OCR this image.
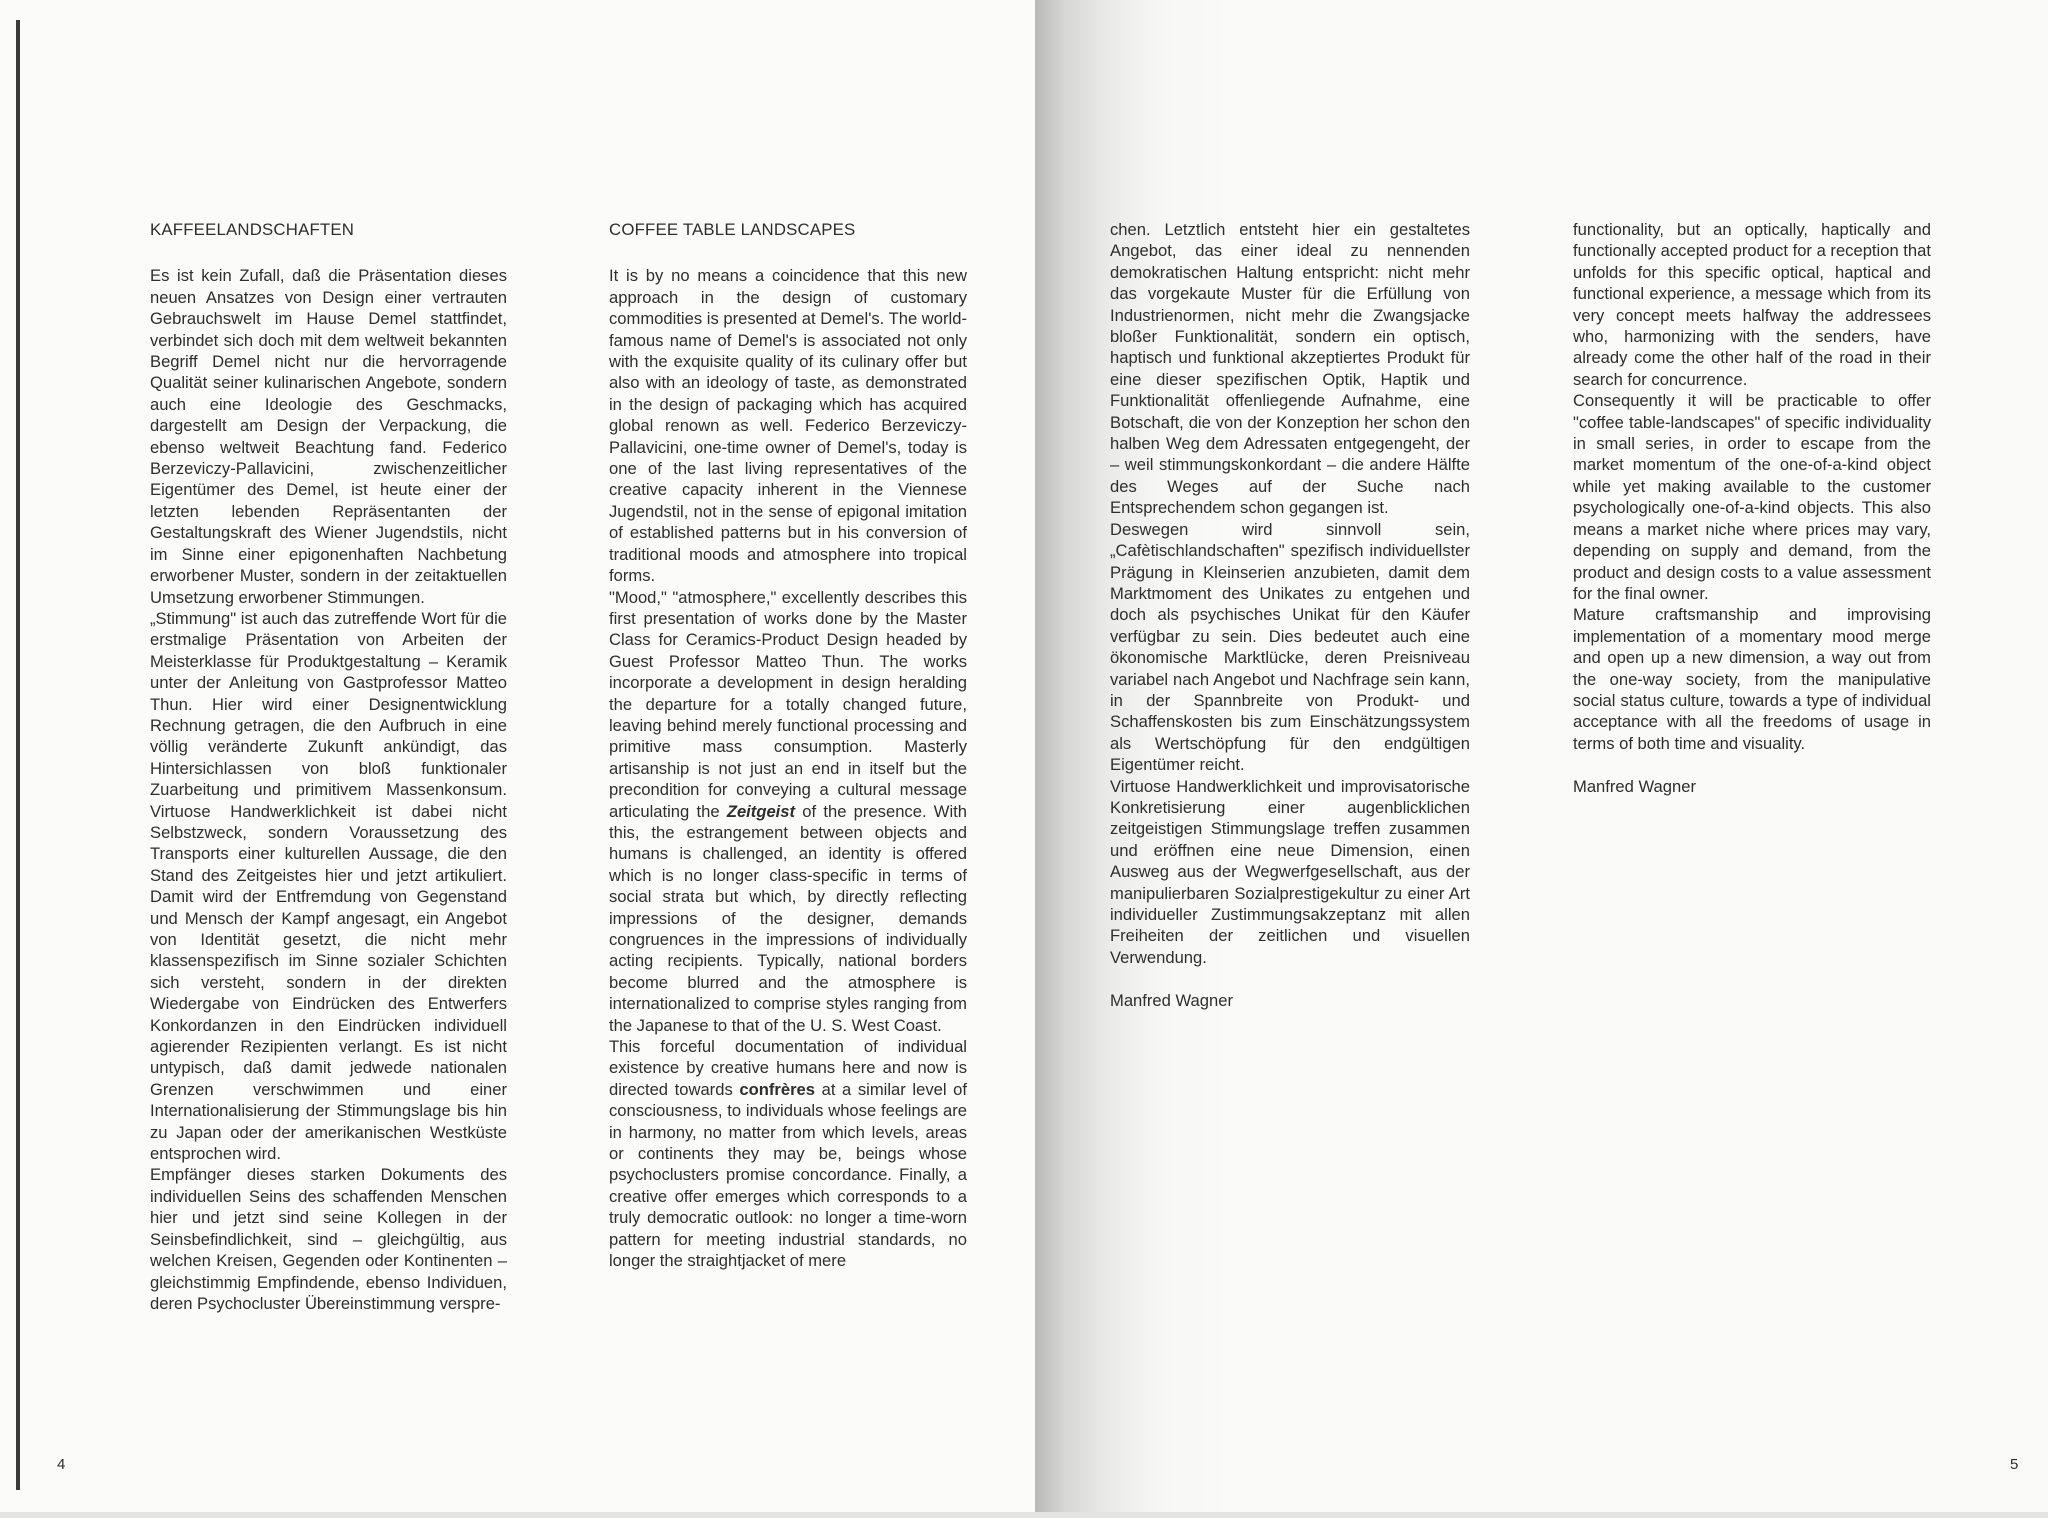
KAFFEELANDSCHAFTEN

Es ist kein Zufall, daß die Präsentation dieses neuen Ansatzes von Design einer vertrauten Gebrauchswelt im Hause Demel stattfindet, verbindet sich doch mit dem weltweit bekannten Begriff Demel nicht nur die hervorragende Qualität seiner kulinarischen Angebote, sondern auch eine Ideologie des Geschmacks, dargestellt am Design der Verpackung, die ebenso weltweit Beachtung fand. Federico Berzeviczy-Pallavicini, zwischenzeitlicher Eigentümer des Demel, ist heute einer der letzten lebenden Repräsentanten der Gestaltungskraft des Wiener Jugendstils, nicht im Sinne einer epigonenhaften Nachbetung erworbener Muster, sondern in der zeitaktuellen Umsetzung erworbener Stimmungen.

„Stimmung" ist auch das zutreffende Wort für die erstmalige Präsentation von Arbeiten der Meisterklasse für Produktgestaltung – Keramik unter der Anleitung von Gastprofessor Matteo Thun. Hier wird einer Designentwicklung Rechnung getragen, die den Aufbruch in eine völlig veränderte Zukunft ankündigt, das Hintersichlassen von bloß funktionaler Zuarbeitung und primitivem Massenkonsum. Virtuose Handwerklichkeit ist dabei nicht Selbstzweck, sondern Voraussetzung des Transports einer kulturellen Aussage, die den Stand des Zeitgeistes hier und jetzt artikuliert. Damit wird der Entfremdung von Gegenstand und Mensch der Kampf angesagt, ein Angebot von Identität gesetzt, die nicht mehr klassenspezifisch im Sinne sozialer Schichten sich versteht, sondern in der direkten Wiedergabe von Eindrücken des Entwerfers Konkordanzen in den Eindrücken individuell agierender Rezipienten verlangt. Es ist nicht untypisch, daß damit jedwede nationalen Grenzen verschwimmen und einer Internationalisierung der Stimmungslage bis hin zu Japan oder der amerikanischen Westküste entsprochen wird.

Empfänger dieses starken Dokuments des individuellen Seins des schaffenden Menschen hier und jetzt sind seine Kollegen in der Seinsbefindlichkeit, sind – gleichgültig, aus welchen Kreisen, Gegenden oder Kontinenten – gleichstimmig Empfindende, ebenso Individuen, deren Psychocluster Übereinstimmung verspre-

COFFEE TABLE LANDSCAPES

It is by no means a coincidence that this new approach in the design of customary commodities is presented at Demel's. The world-famous name of Demel's is associated not only with the exquisite quality of its culinary offer but also with an ideology of taste, as demonstrated in the design of packaging which has acquired global renown as well. Federico Berzeviczy-Pallavicini, one-time owner of Demel's, today is one of the last living representatives of the creative capacity inherent in the Viennese Jugendstil, not in the sense of epigonal imitation of established patterns but in his conversion of traditional moods and atmosphere into tropical forms.

"Mood," "atmosphere," excellently describes this first presentation of works done by the Master Class for Ceramics-Product Design headed by Guest Professor Matteo Thun. The works incorporate a development in design heralding the departure for a totally changed future, leaving behind merely functional processing and primitive mass consumption. Masterly artisanship is not just an end in itself but the precondition for conveying a cultural message articulating the Zeitgeist of the presence. With this, the estrangement between objects and humans is challenged, an identity is offered which is no longer class-specific in terms of social strata but which, by directly reflecting impressions of the designer, demands congruences in the impressions of individually acting recipients. Typically, national borders become blurred and the atmosphere is internationalized to comprise styles ranging from the Japanese to that of the U. S. West Coast.

This forceful documentation of individual existence by creative humans here and now is directed towards confrères at a similar level of consciousness, to individuals whose feelings are in harmony, no matter from which levels, areas or continents they may be, beings whose psychoclusters promise concordance. Finally, a creative offer emerges which corresponds to a truly democratic outlook: no longer a time-worn pattern for meeting industrial standards, no longer the straightjacket of mere

4

chen. Letztlich entsteht hier ein gestaltetes Angebot, das einer ideal zu nennenden demokratischen Haltung entspricht: nicht mehr das vorgekaute Muster für die Erfüllung von Industrienormen, nicht mehr die Zwangsjacke bloßer Funktionalität, sondern ein optisch, haptisch und funktional akzeptiertes Produkt für eine dieser spezifischen Optik, Haptik und Funktionalität offenliegende Aufnahme, eine Botschaft, die von der Konzeption her schon den halben Weg dem Adressaten entgegengeht, der – weil stimmungskonkordant – die andere Hälfte des Weges auf der Suche nach Entsprechendem schon gegangen ist.

Deswegen wird sinnvoll sein, „Cafètischlandschaften" spezifisch individuellster Prägung in Kleinserien anzubieten, damit dem Marktmoment des Unikates zu entgehen und doch als psychisches Unikat für den Käufer verfügbar zu sein. Dies bedeutet auch eine ökonomische Marktlücke, deren Preisniveau variabel nach Angebot und Nachfrage sein kann, in der Spannbreite von Produkt- und Schaffenskosten bis zum Einschätzungssystem als Wertschöpfung für den endgültigen Eigentümer reicht.

Virtuose Handwerklichkeit und improvisatorische Konkretisierung einer augenblicklichen zeitgeistigen Stimmungslage treffen zusammen und eröffnen eine neue Dimension, einen Ausweg aus der Wegwerfgesellschaft, aus der manipulierbaren Sozialprestigekultur zu einer Art individueller Zustimmungsakzeptanz mit allen Freiheiten der zeitlichen und visuellen Verwendung.

Manfred Wagner

functionality, but an optically, haptically and functionally accepted product for a reception that unfolds for this specific optical, haptical and functional experience, a message which from its very concept meets halfway the addressees who, harmonizing with the senders, have already come the other half of the road in their search for concurrence.

Consequently it will be practicable to offer "coffee table-landscapes" of specific individuality in small series, in order to escape from the market momentum of the one-of-a-kind object while yet making available to the customer psychologically one-of-a-kind objects. This also means a market niche where prices may vary, depending on supply and demand, from the product and design costs to a value assessment for the final owner.

Mature craftsmanship and improvising implementation of a momentary mood merge and open up a new dimension, a way out from the one-way society, from the manipulative social status culture, towards a type of individual acceptance with all the freedoms of usage in terms of both time and visuality.

Manfred Wagner

5
